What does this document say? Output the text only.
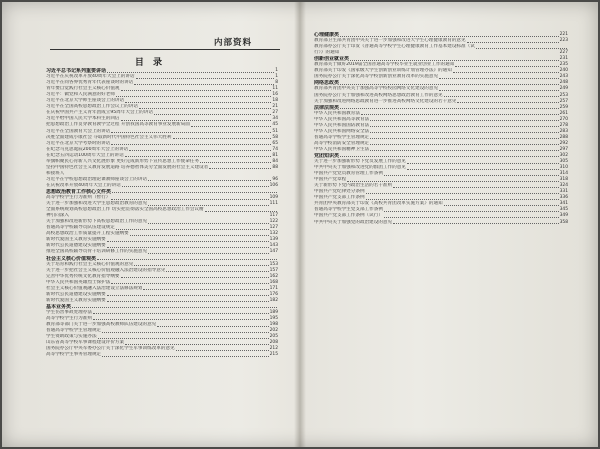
内部资料
目 录
习近平总书记系列重要讲话	1
习近平在庆祝改革开放40周年大会上的讲话	1
习近平在同各界优秀青年代表座谈时的讲话	8
青年要自觉践行社会主义核心价值观	11
习近平：做党和人民满意的好老师	16
习近平在北京大学师生座谈会上的讲话	18
习近平在全国高校思想政治工作会议上的讲话	21
在庆祝中国共产主义青年团成立95周年大会上的讲话	27
习近平给中国人民大学本科生的回信	34
把思想政治工作贯穿教育教学全过程 开创我国高等教育事业发展新局面	45
习近平在全国教育大会上的讲话	51
决胜全面建成小康社会 夺取新时代中国特色社会主义伟大胜利	58
习近平在北京大学考察时的讲话	65
在纪念马克思诞辰200周年大会上的讲话	74
在纪念五四运动100周年大会上的讲话	81
举旗帜聚民心育新人兴文化展形象 更好完成新形势下宣传思想工作使命任务	84
坚持中国特色社会主义教育发展道路 培养德智体美劳全面发展的社会主义建设者	88
和接班人
习近平在学校思想政治理论课教师座谈会上的讲话	96
在庆祝改革开放40周年大会上的讲话	106
思想政治教育工作核心文件类
高等学校学生行为准则（暂行）	109
关于进一步加强和改进大学生思想政治教育的意见	111
全面系统规划高校思想政治工作 切实把贯彻落实全国高校思想政治工作会议精
神引向深入	117
关于加强和改进新形势下高校思想政治工作的意见	122
普通高等学校辅导员队伍建设规定	127
高校思想政治工作质量提升工程实施纲要	132
新时代爱国主义教育实施纲要	139
新时代公民道德建设实施纲要	143
推进全国高校辅导员骨干培训研修工作的实施意见	147
社会主义核心价值观类
关于培育和践行社会主义核心价值观的意见	153
关于进一步把社会主义核心价值观融入法治建设的指导意见	157
完善中华优秀传统文化教育指导纲要	162
中华人民共和国英雄烈士保护法	168
社会主义核心价值观融入法治建设立法修法规划	171
新时代公民道德建设实施纲要	176
新时代爱国主义教育实施纲要	182
基本业务类
学生伤害事故处理办法	189
高等学校学生行为准则	195
教育部等部门关于进一步加强高校教师队伍建设的意见	198
普通高等学校学生管理规定	202
学生资助政策与实施办法	205
山东省高等学校军事课程建设评价方案	208
国务院办公厅中央军委办公厅关于深化学生军事训练改革的意见	212
高等学校学生事务管理规定	215
心理健康类	221
教育部卫生部共青团中央关于进一步加强和改进大学生心理健康教育的意见	223
教育部办公厅关于印发《普通高等学校学生心理健康教育工作基本建设标准（试
行）》的通知	227
创新创业就业类	231
教育部关于做好2019届全国普通高等学校毕业生就业创业工作的通知	235
教育部关于印发《国家级大学生创新创业训练计划管理办法》的通知	240
国务院办公厅关于深化高等学校创新创业教育改革的实施意见	243
网络思政类	248
教育部共青团中央关于加强高等学校校园网络文化建设的意见	249
国务院办公厅关于加强和改进高校网络思想政治教育工作的意见	253
关于加强和改进网络思政教育进一步推进高校网络文化建设的若干意见	257
法律法规类	259
中华人民共和国教育法	261
中华人民共和国高等教育法	270
中华人民共和国国防教育法	278
中华人民共和国网络安全法	283
普通高等学校学生管理规定	288
高等学校消防安全管理规定	292
中华人民共和国精神卫生法	297
党团知识类	302
关于进一步加强新形势下党员发展工作的意见	305
中共中央关于加强和改进党的群团工作的意见	310
中国共产党党员教育管理工作条例	314
中国共产党章程	318
关于新形势下党内政治生活的若干准则	324
中国共产党纪律处分条例	331
中国共产党支部工作条例	336
共青团中央教育部关于印发《高校共青团改革实施方案》的通知	341
普通高等学校学生党支部工作条例	345
中国共产党支部工作条例（试行）	349
中共中央关于加强党的政治建设的意见	358
